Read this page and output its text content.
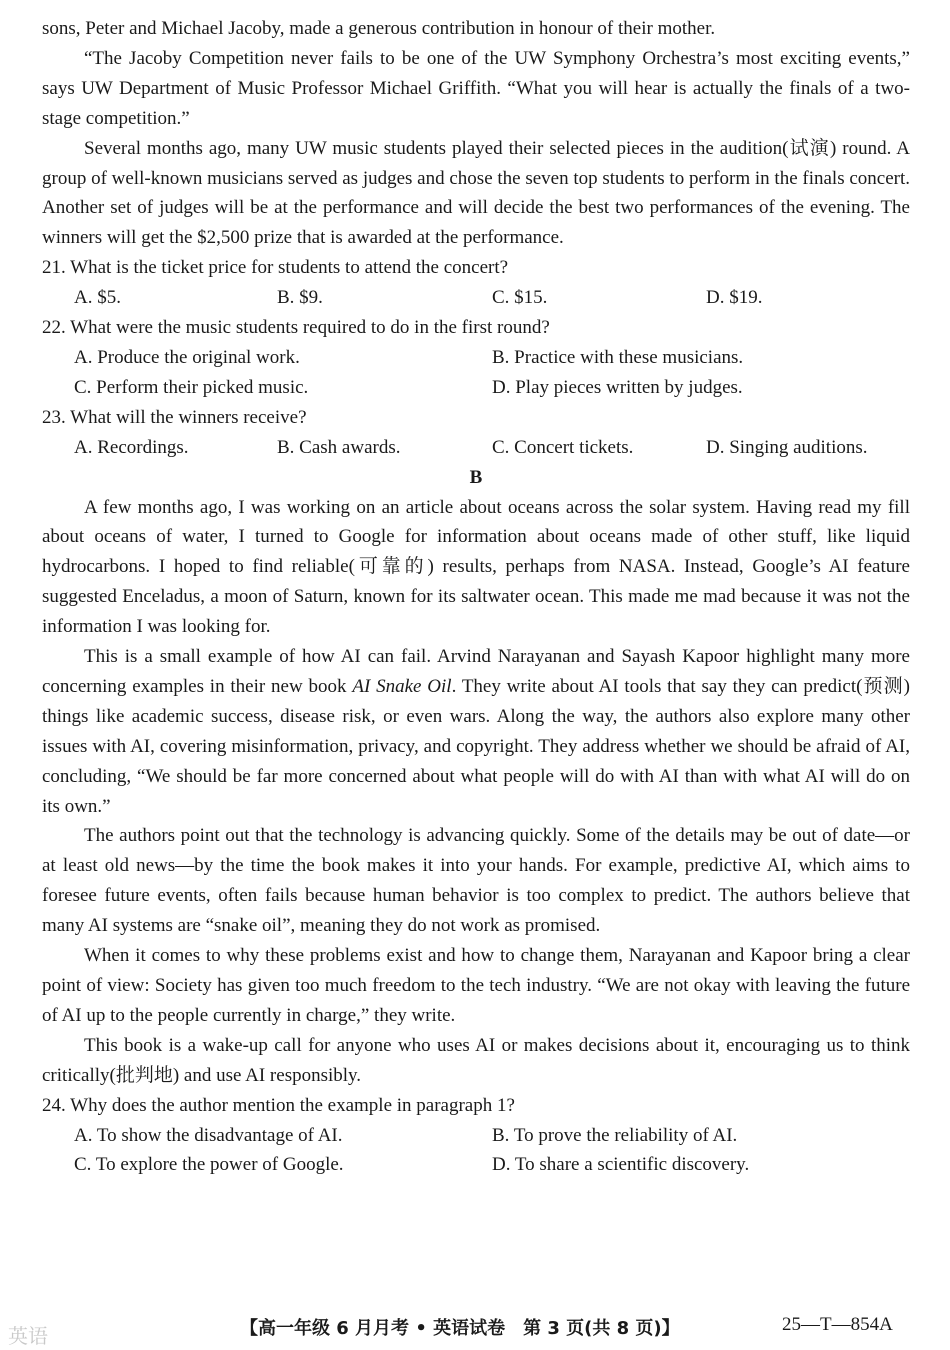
sons, Peter and Michael Jacoby, made a generous contribution in honour of their mother.

“The Jacoby Competition never fails to be one of the UW Symphony Orchestra’s most exciting events,” says UW Department of Music Professor Michael Griffith. “What you will hear is actually the finals of a two-stage competition.”

Several months ago, many UW music students played their selected pieces in the audition(试演) round. A group of well-known musicians served as judges and chose the seven top students to perform in the finals concert. Another set of judges will be at the performance and will decide the best two performances of the evening. The winners will get the $2,500 prize that is awarded at the performance.

21. What is the ticket price for students to attend the concert?

A. $5.	B. $9.	C. $15.	D. $19.

22. What were the music students required to do in the first round?

A. Produce the original work.	B. Practice with these musicians.
C. Perform their picked music.	D. Play pieces written by judges.

23. What will the winners receive?

A. Recordings.	B. Cash awards.	C. Concert tickets.	D. Singing auditions.

B

A few months ago, I was working on an article about oceans across the solar system. Having read my fill about oceans of water, I turned to Google for information about oceans made of other stuff, like liquid hydrocarbons. I hoped to find reliable(可靠的) results, perhaps from NASA. Instead, Google’s AI feature suggested Enceladus, a moon of Saturn, known for its saltwater ocean. This made me mad because it was not the information I was looking for.

This is a small example of how AI can fail. Arvind Narayanan and Sayash Kapoor highlight many more concerning examples in their new book AI Snake Oil. They write about AI tools that say they can predict(预测) things like academic success, disease risk, or even wars. Along the way, the authors also explore many other issues with AI, covering misinformation, privacy, and copyright. They address whether we should be afraid of AI, concluding, “We should be far more concerned about what people will do with AI than with what AI will do on its own.”

The authors point out that the technology is advancing quickly. Some of the details may be out of date—or at least old news—by the time the book makes it into your hands. For example, predictive AI, which aims to foresee future events, often fails because human behavior is too complex to predict. The authors believe that many AI systems are “snake oil”, meaning they do not work as promised.

When it comes to why these problems exist and how to change them, Narayanan and Kapoor bring a clear point of view: Society has given too much freedom to the tech industry. “We are not okay with leaving the future of AI up to the people currently in charge,” they write.

This book is a wake-up call for anyone who uses AI or makes decisions about it, encouraging us to think critically(批判地) and use AI responsibly.

24. Why does the author mention the example in paragraph 1?

A. To show the disadvantage of AI.	B. To prove the reliability of AI.
C. To explore the power of Google.	D. To share a scientific discovery.
英语	【高一年级 6 月月考 • 英语试卷　第 3 页(共 8 页)】	25—T—854A
